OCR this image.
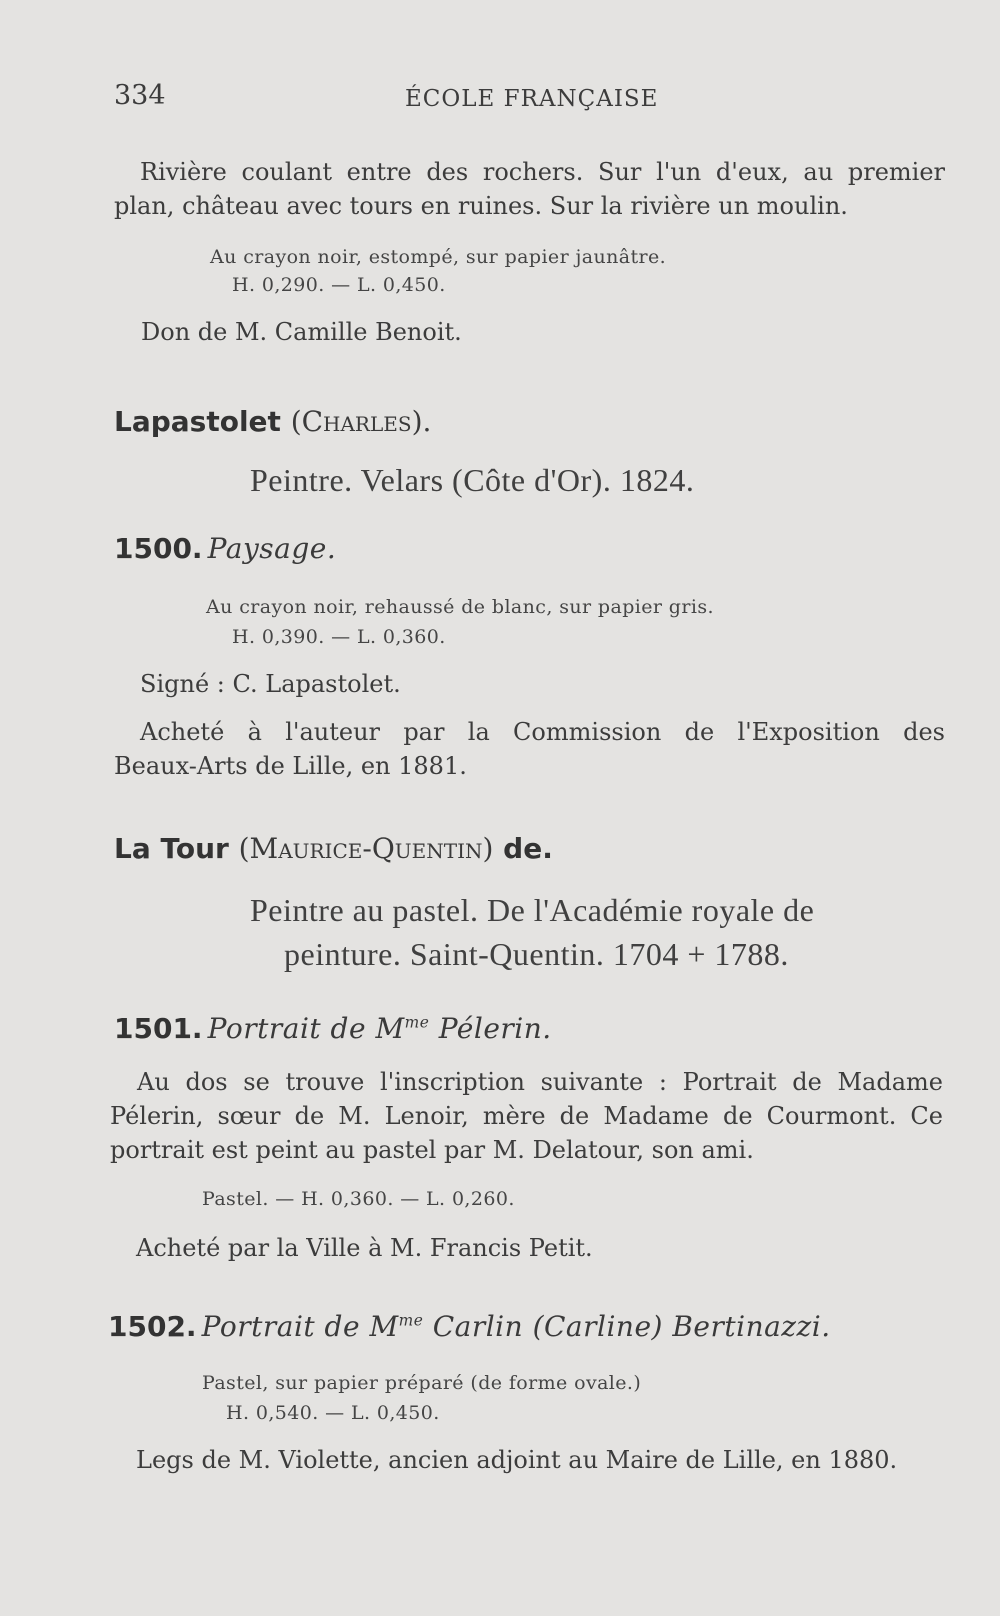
334	ÉCOLE FRANÇAISE
Rivière coulant entre des rochers. Sur l'un d'eux, au premier
plan, château avec tours en ruines. Sur la rivière un moulin.
Au crayon noir, estompé, sur papier jaunâtre.
H. 0,290. — L. 0,450.
Don de M. Camille Benoit.
Lapastolet (Charles).
Peintre. Velars (Côte d'Or). 1824.
1500. Paysage.
Au crayon noir, rehaussé de blanc, sur papier gris.
H. 0,390. — L. 0,360.
Signé : C. Lapastolet.
Acheté à l'auteur par la Commission de l'Exposition des
Beaux-Arts de Lille, en 1881.
La Tour (Maurice-Quentin) de.
Peintre au pastel. De l'Académie royale de
peinture. Saint-Quentin. 1704 + 1788.
1501. Portrait de $M^{me}$ Pélerin.
Au dos se trouve l'inscription suivante : Portrait de Madame
Pélerin, sœur de M. Lenoir, mère de Madame de Courmont. Ce
portrait est peint au pastel par M. Delatour, son ami.
Pastel. — H. 0,360. — L. 0,260.
Acheté par la Ville à M. Francis Petit.
1502. Portrait de $M^{me}$ Carlin (Carline) Bertinazzi.
Pastel, sur papier préparé (de forme ovale.)
H. 0,540. — L. 0,450.
Legs de M. Violette, ancien adjoint au Maire de Lille, en 1880.
